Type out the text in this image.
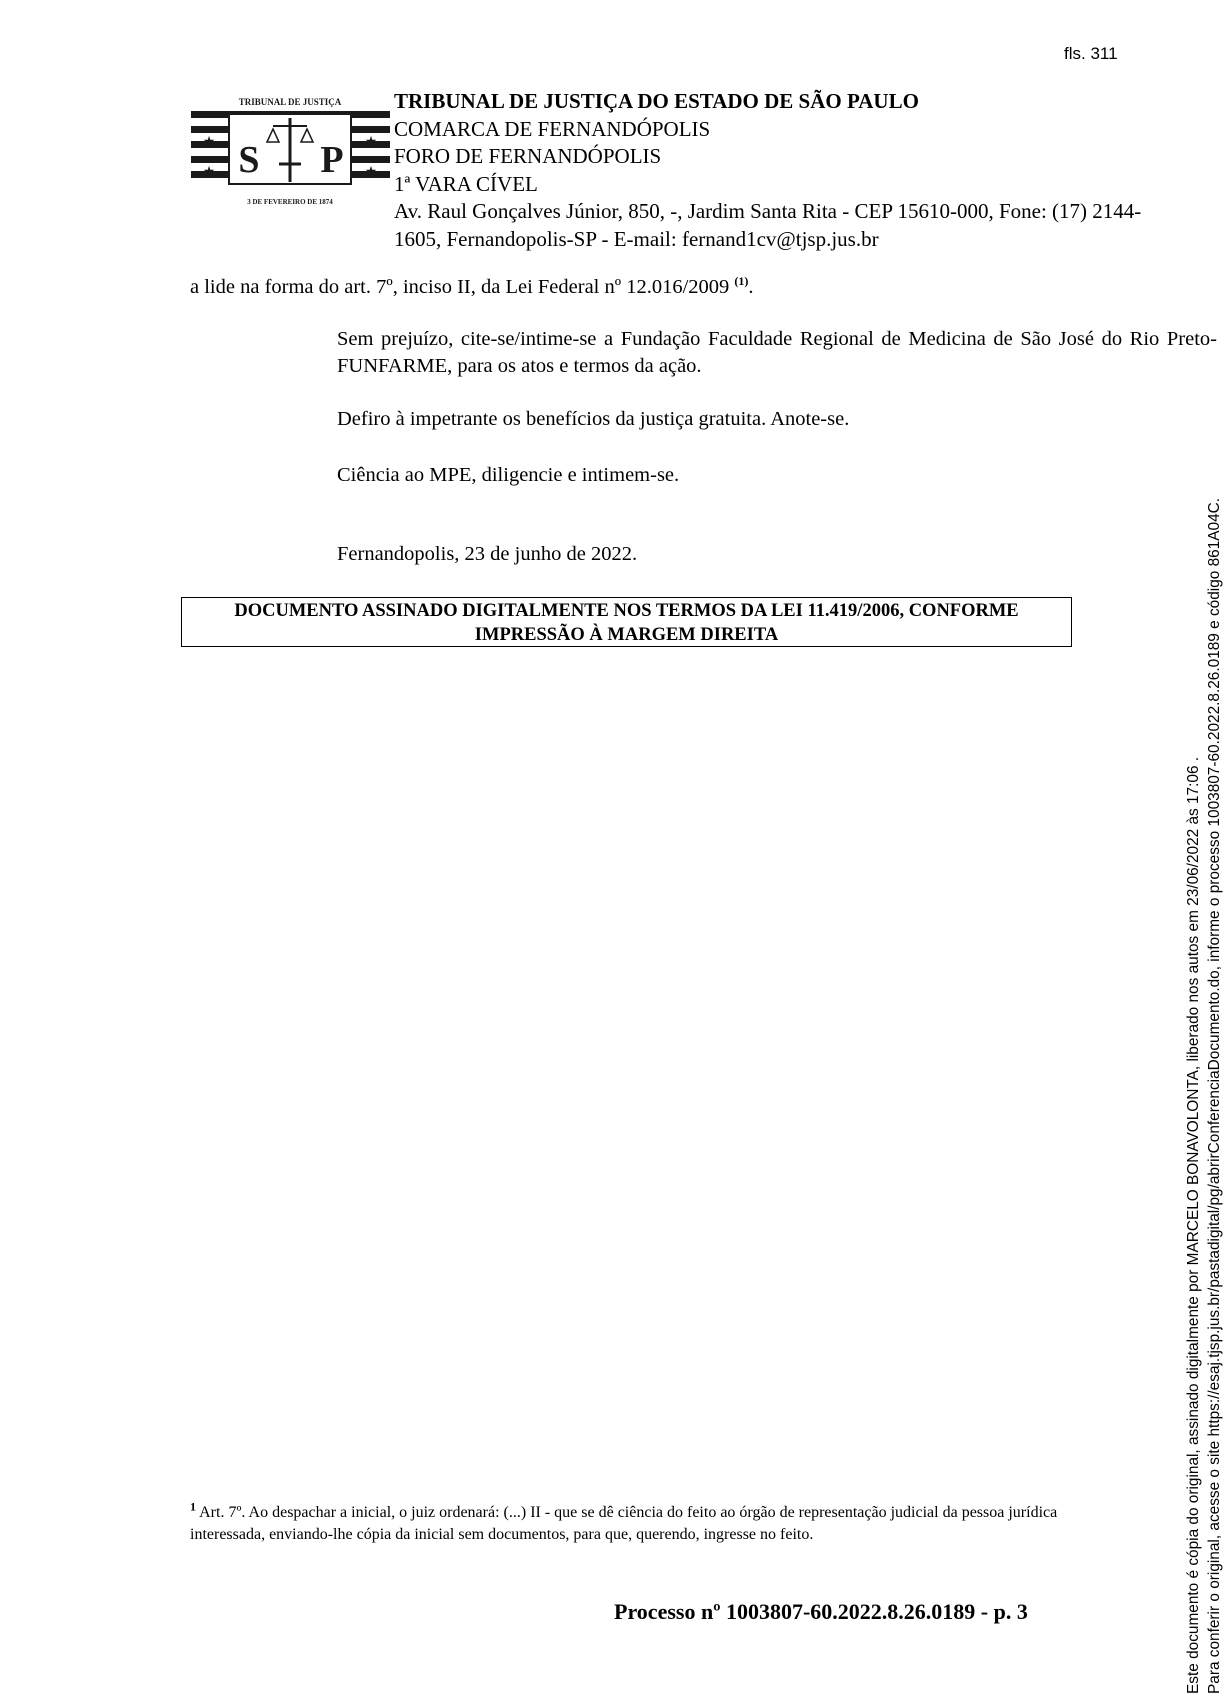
fls. 311
★	★
★	★
S P
TRIBUNAL DE JUSTIÇA
3 DE FEVEREIRO DE 1874
TRIBUNAL DE JUSTIÇA DO ESTADO DE SÃO PAULO
COMARCA DE FERNANDÓPOLIS
FORO DE FERNANDÓPOLIS
1ª VARA CÍVEL
Av. Raul Gonçalves Júnior, 850, -, Jardim Santa Rita - CEP 15610-000, Fone: (17) 2144-1605, Fernandopolis-SP - E-mail: fernand1cv@tjsp.jus.br
a lide na forma do art. 7º, inciso II, da Lei Federal nº 12.016/2009 $^{(1)}$.
Sem prejuízo, cite-se/intime-se a Fundação Faculdade Regional de Medicina de São José do Rio Preto-FUNFARME, para os atos e termos da ação.
Defiro à impetrante os benefícios da justiça gratuita. Anote-se.
Ciência ao MPE, diligencie e intimem-se.
Fernandopolis, 23 de junho de 2022.
DOCUMENTO ASSINADO DIGITALMENTE NOS TERMOS DA LEI 11.419/2006, CONFORME
IMPRESSÃO À MARGEM DIREITA
$^1$ Art. 7º. Ao despachar a inicial, o juiz ordenará: (...) II - que se dê ciência do feito ao órgão de representação judicial da pessoa jurídica interessada, enviando-lhe cópia da inicial sem documentos, para que, querendo, ingresse no feito.
Processo nº 1003807-60.2022.8.26.0189 - p. 3	Este documento é cópia do original, assinado digitalmente por MARCELO BONAVOLONTA, liberado nos autos em 23/06/2022 às 17:06 . Para conferir o original, acesse o site https://esaj.tjsp.jus.br/pastadigital/pg/abrirConferenciaDocumento.do, informe o processo 1003807-60.2022.8.26.0189 e código 861A04C.
